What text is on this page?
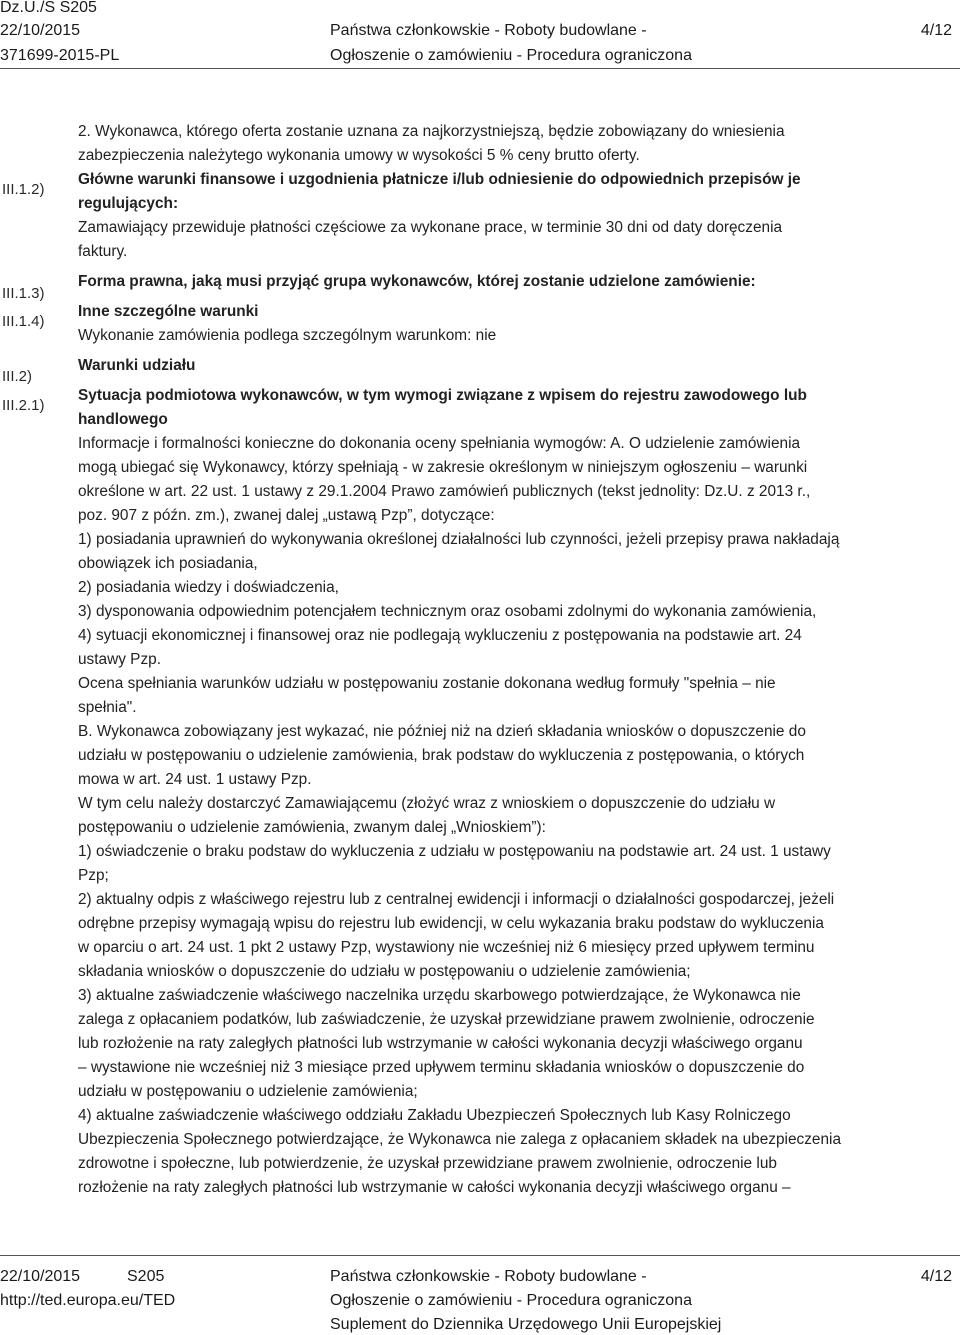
Dz.U./S S205
22/10/2015
371699-2015-PL
Państwa członkowskie - Roboty budowlane -
Ogłoszenie o zamówieniu - Procedura ograniczona
4/12
III.1.2)
III.1.3)
III.1.4)
III.2)
III.2.1)

2. Wykonawca, którego oferta zostanie uznana za najkorzystniejszą, będzie zobowiązany do wniesienia
zabezpieczenia należytego wykonania umowy w wysokości 5 % ceny brutto oferty.

Główne warunki finansowe i uzgodnienia płatnicze i/lub odniesienie do odpowiednich przepisów je
regulujących:

Zamawiający przewiduje płatności częściowe za wykonane prace, w terminie 30 dni od daty doręczenia
faktury.

Forma prawna, jaką musi przyjąć grupa wykonawców, której zostanie udzielone zamówienie:

Inne szczególne warunki

Wykonanie zamówienia podlega szczególnym warunkom: nie

Warunki udziału

Sytuacja podmiotowa wykonawców, w tym wymogi związane z wpisem do rejestru zawodowego lub
handlowego

Informacje i formalności konieczne do dokonania oceny spełniania wymogów: A. O udzielenie zamówienia
mogą ubiegać się Wykonawcy, którzy spełniają - w zakresie określonym w niniejszym ogłoszeniu – warunki
określone w art. 22 ust. 1 ustawy z 29.1.2004 Prawo zamówień publicznych (tekst jednolity: Dz.U. z 2013 r.,
poz. 907 z późn. zm.), zwanej dalej „ustawą Pzp”, dotyczące:
1) posiadania uprawnień do wykonywania określonej działalności lub czynności, jeżeli przepisy prawa nakładają
obowiązek ich posiadania,
2) posiadania wiedzy i doświadczenia,
3) dysponowania odpowiednim potencjałem technicznym oraz osobami zdolnymi do wykonania zamówienia,
4) sytuacji ekonomicznej i finansowej oraz nie podlegają wykluczeniu z postępowania na podstawie art. 24
ustawy Pzp.
Ocena spełniania warunków udziału w postępowaniu zostanie dokonana według formuły "spełnia – nie
spełnia".
B. Wykonawca zobowiązany jest wykazać, nie później niż na dzień składania wniosków o dopuszczenie do
udziału w postępowaniu o udzielenie zamówienia, brak podstaw do wykluczenia z postępowania, o których
mowa w art. 24 ust. 1 ustawy Pzp.
W tym celu należy dostarczyć Zamawiającemu (złożyć wraz z wnioskiem o dopuszczenie do udziału w
postępowaniu o udzielenie zamówienia, zwanym dalej „Wnioskiem”):
1) oświadczenie o braku podstaw do wykluczenia z udziału w postępowaniu na podstawie art. 24 ust. 1 ustawy
Pzp;
2) aktualny odpis z właściwego rejestru lub z centralnej ewidencji i informacji o działalności gospodarczej, jeżeli
odrębne przepisy wymagają wpisu do rejestru lub ewidencji, w celu wykazania braku podstaw do wykluczenia
w oparciu o art. 24 ust. 1 pkt 2 ustawy Pzp, wystawiony nie wcześniej niż 6 miesięcy przed upływem terminu
składania wniosków o dopuszczenie do udziału w postępowaniu o udzielenie zamówienia;
3) aktualne zaświadczenie właściwego naczelnika urzędu skarbowego potwierdzające, że Wykonawca nie
zalega z opłacaniem podatków, lub zaświadczenie, że uzyskał przewidziane prawem zwolnienie, odroczenie
lub rozłożenie na raty zaległych płatności lub wstrzymanie w całości wykonania decyzji właściwego organu
– wystawione nie wcześniej niż 3 miesiące przed upływem terminu składania wniosków o dopuszczenie do
udziału w postępowaniu o udzielenie zamówienia;
4) aktualne zaświadczenie właściwego oddziału Zakładu Ubezpieczeń Społecznych lub Kasy Rolniczego
Ubezpieczenia Społecznego potwierdzające, że Wykonawca nie zalega z opłacaniem składek na ubezpieczenia
zdrowotne i społeczne, lub potwierdzenie, że uzyskał przewidziane prawem zwolnienie, odroczenie lub
rozłożenie na raty zaległych płatności lub wstrzymanie w całości wykonania decyzji właściwego organu –

22/10/2015	S205
http://ted.europa.eu/TED
Państwa członkowskie - Roboty budowlane -
Ogłoszenie o zamówieniu - Procedura ograniczona
Suplement do Dziennika Urzędowego Unii Europejskiej
4/12
